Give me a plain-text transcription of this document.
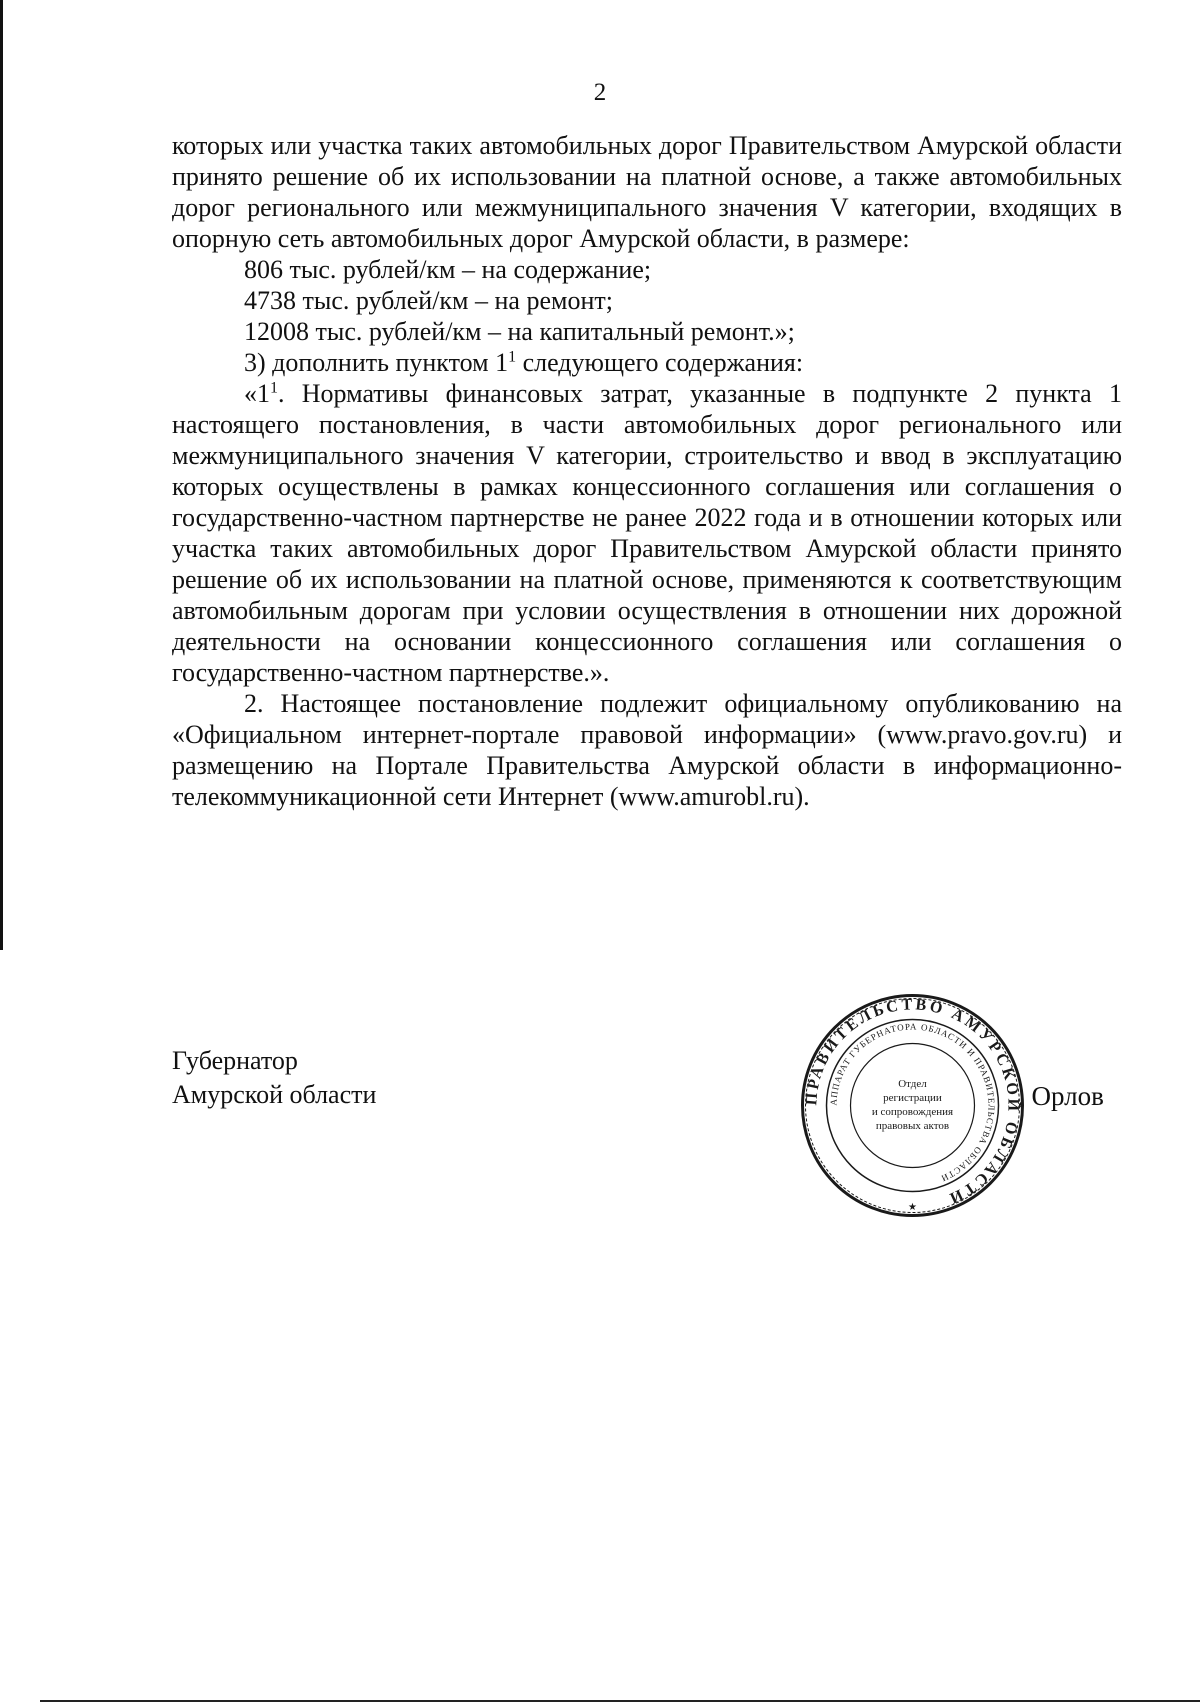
2

которых или участка таких автомобильных дорог Правительством Амурской области принято решение об их использовании на платной основе, а также автомобильных дорог регионального или межмуниципального значения V категории, входящих в опорную сеть автомобильных дорог Амурской области, в размере:

806 тыс. рублей/км – на содержание;

4738 тыс. рублей/км – на ремонт;

12008 тыс. рублей/км – на капитальный ремонт.»;

3) дополнить пунктом $1^1$ следующего содержания:

«$1^1$. Нормативы финансовых затрат, указанные в подпункте 2 пункта 1 настоящего постановления, в части автомобильных дорог регионального или межмуниципального значения V категории, строительство и ввод в эксплуатацию которых осуществлены в рамках концессионного соглашения или соглашения о государственно-частном партнерстве не ранее 2022 года и в отношении которых или участка таких автомобильных дорог Правительством Амурской области принято решение об их использовании на платной основе, применяются к соответствующим автомобильным дорогам при условии осуществления в отношении них дорожной деятельности на основании концессионного соглашения или соглашения о государственно-частном партнерстве.».

2. Настоящее постановление подлежит официальному опубликованию на «Официальном интернет-портале правовой информации» (www.pravo.gov.ru) и размещению на Портале Правительства Амурской области в информационно-телекоммуникационной сети Интернет (www.amurobl.ru).

Губернатор
Амурской области	. Орлов
ПРАВИТЕЛЬСТВО АМУРСКОЙ ОБЛАСТИ
АППАРАТ ГУБЕРНАТОРА ОБЛАСТИ И ПРАВИТЕЛЬСТВА ОБЛАСТИ
Отдел
регистрации
и сопровождения
правовых актов
★
